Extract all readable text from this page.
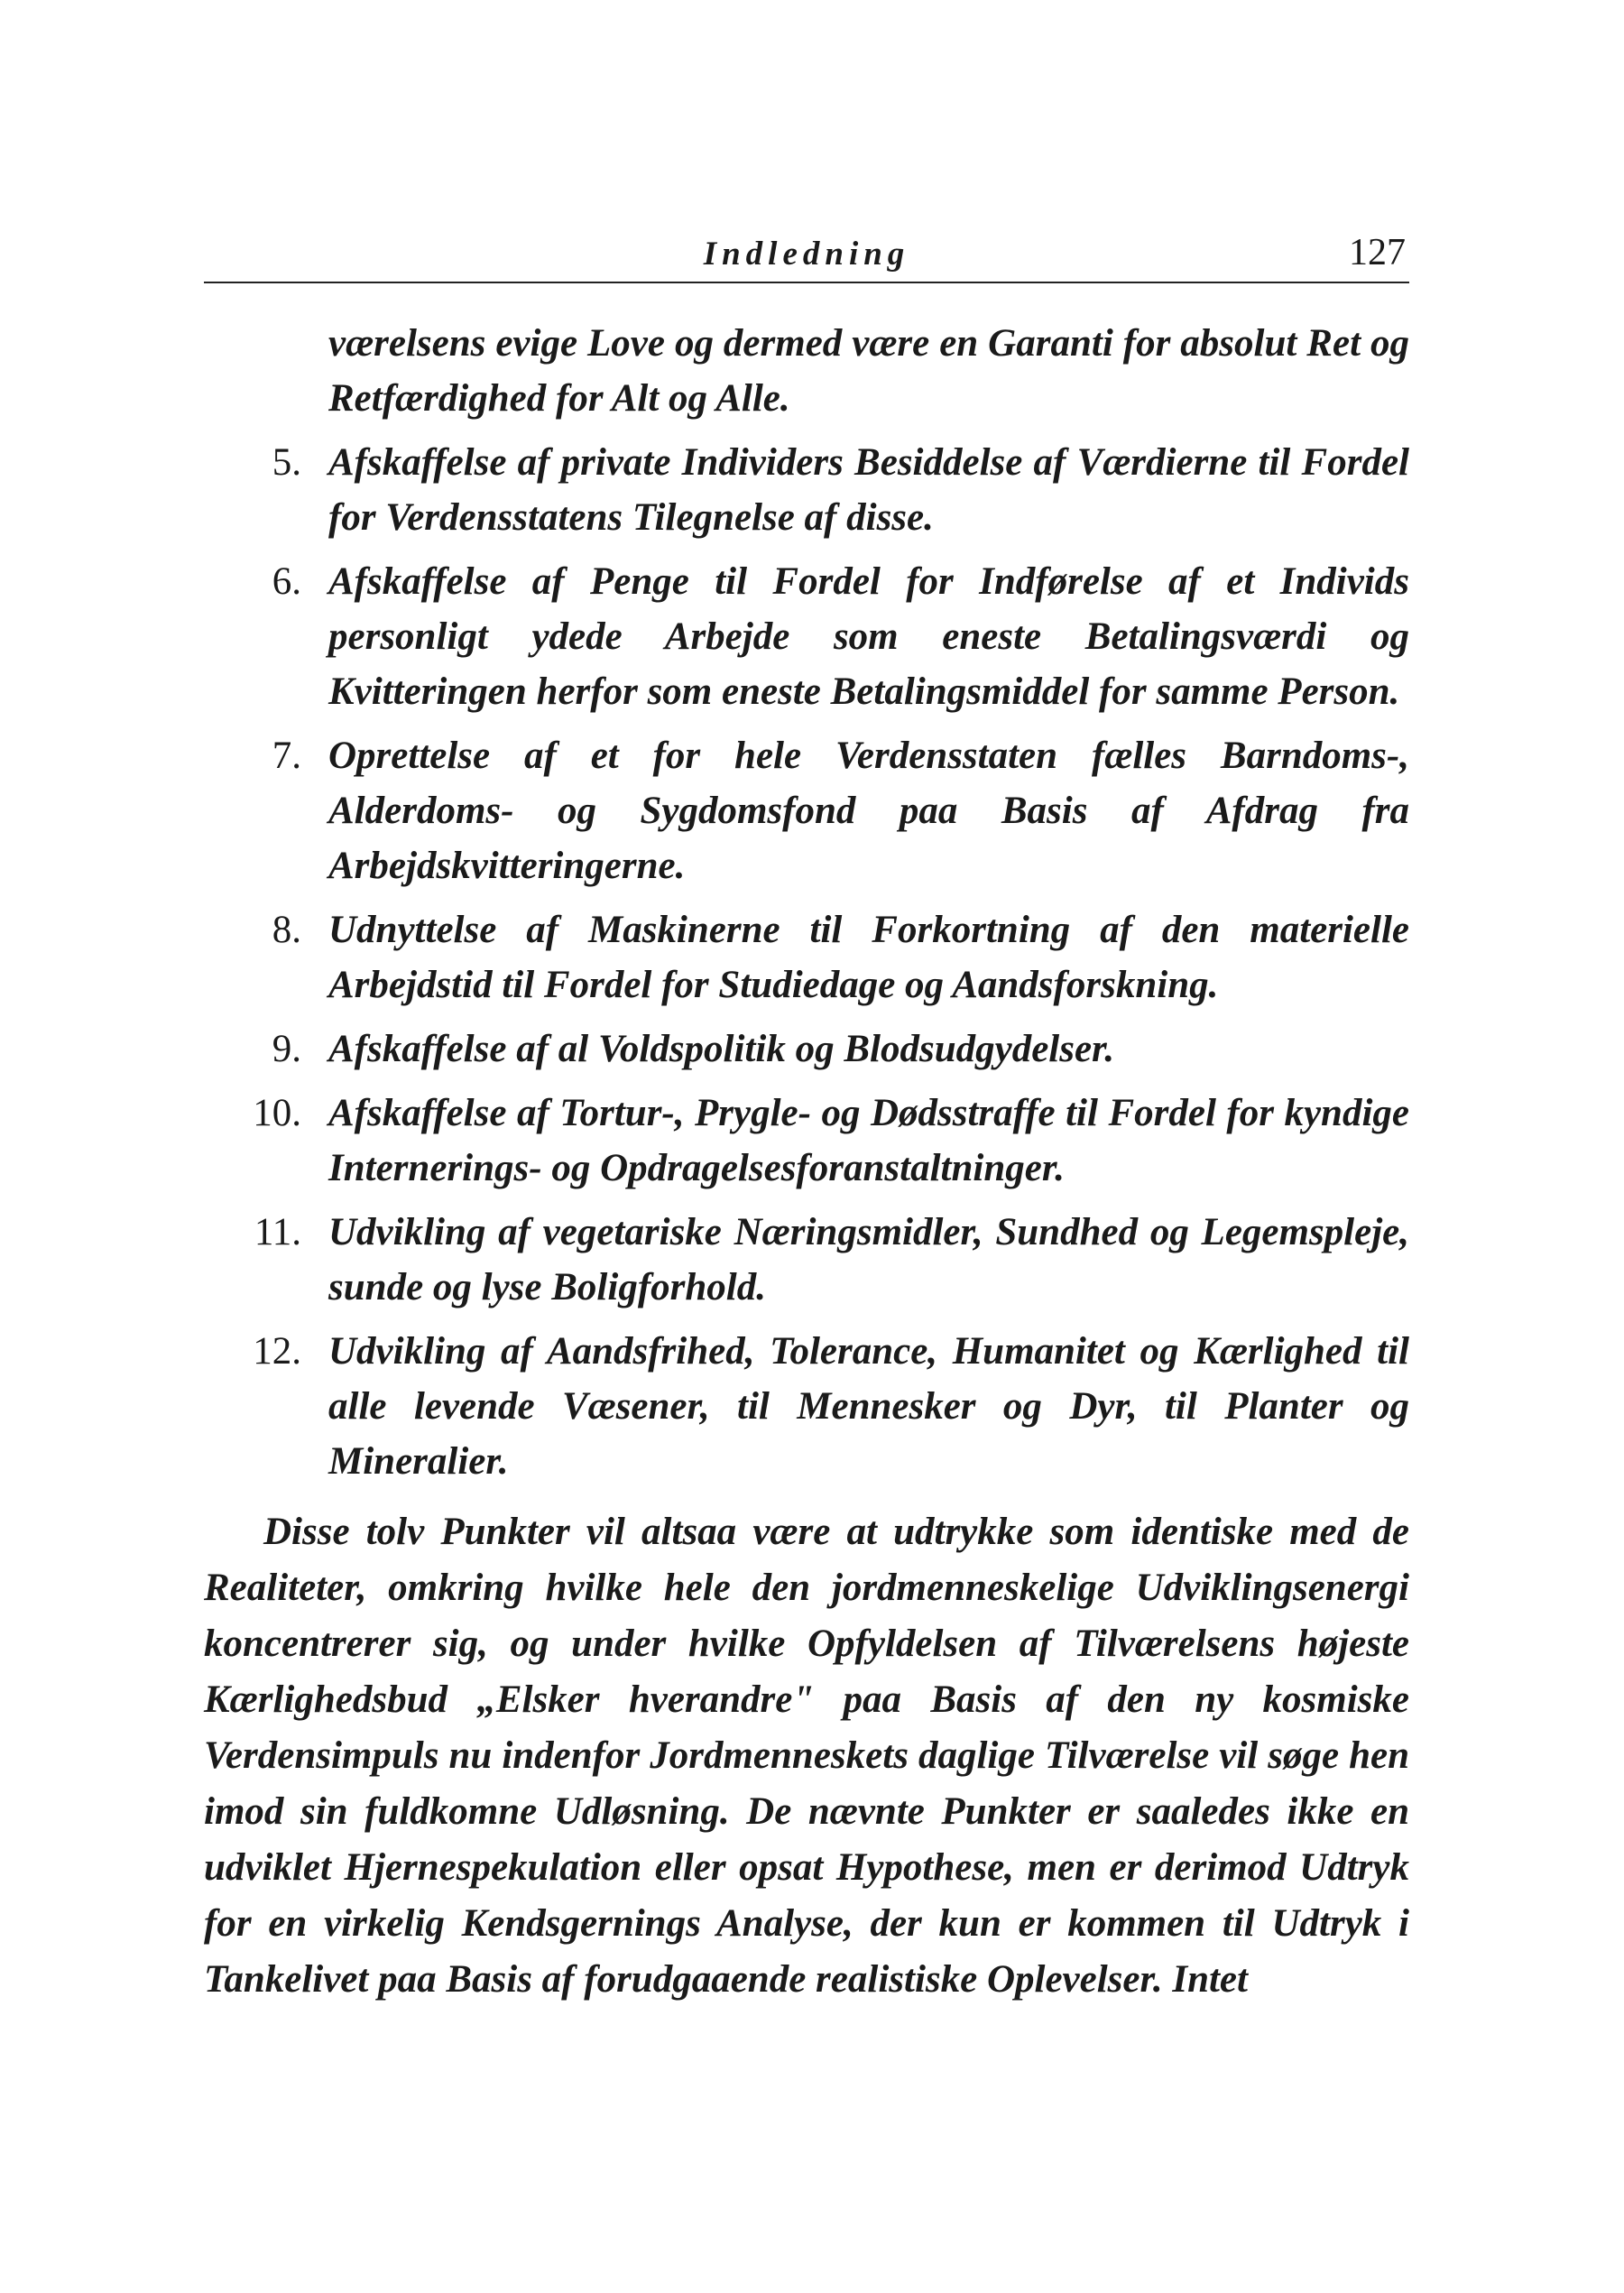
Indledning	127
værelsens evige Love og dermed være en Garanti for absolut Ret og Retfærdighed for Alt og Alle.
5. Afskaffelse af private Individers Besiddelse af Værdierne til Fordel for Verdensstatens Tilegnelse af disse.
6. Afskaffelse af Penge til Fordel for Indførelse af et Individs personligt ydede Arbejde som eneste Betalingsværdi og Kvitteringen herfor som eneste Betalingsmiddel for samme Person.
7. Oprettelse af et for hele Verdensstaten fælles Barndoms-, Alderdoms- og Sygdomsfond paa Basis af Afdrag fra Arbejdskvitteringerne.
8. Udnyttelse af Maskinerne til Forkortning af den materielle Arbejdstid til Fordel for Studiedage og Aandsforskning.
9. Afskaffelse af al Voldspolitik og Blodsudgydelser.
10. Afskaffelse af Tortur-, Prygle- og Dødsstraffe til Fordel for kyndige Internerings- og Opdragelsesforanstaltninger.
11. Udvikling af vegetariske Næringsmidler, Sundhed og Legemspleje, sunde og lyse Boligforhold.
12. Udvikling af Aandsfrihed, Tolerance, Humanitet og Kærlighed til alle levende Væsener, til Mennesker og Dyr, til Planter og Mineralier.
Disse tolv Punkter vil altsaa være at udtrykke som identiske med de Realiteter, omkring hvilke hele den jordmenneskelige Udviklingsenergi koncentrerer sig, og under hvilke Opfyldelsen af Tilværelsens højeste Kærlighedsbud „Elsker hverandre" paa Basis af den ny kosmiske Verdensimpuls nu indenfor Jordmenneskets daglige Tilværelse vil søge hen imod sin fuldkomne Udløsning. De nævnte Punkter er saaledes ikke en udviklet Hjernespekulation eller opsat Hypothese, men er derimod Udtryk for en virkelig Kendsgernings Analyse, der kun er kommen til Udtryk i Tankelivet paa Basis af forudgaaende realistiske Oplevelser. Intet
